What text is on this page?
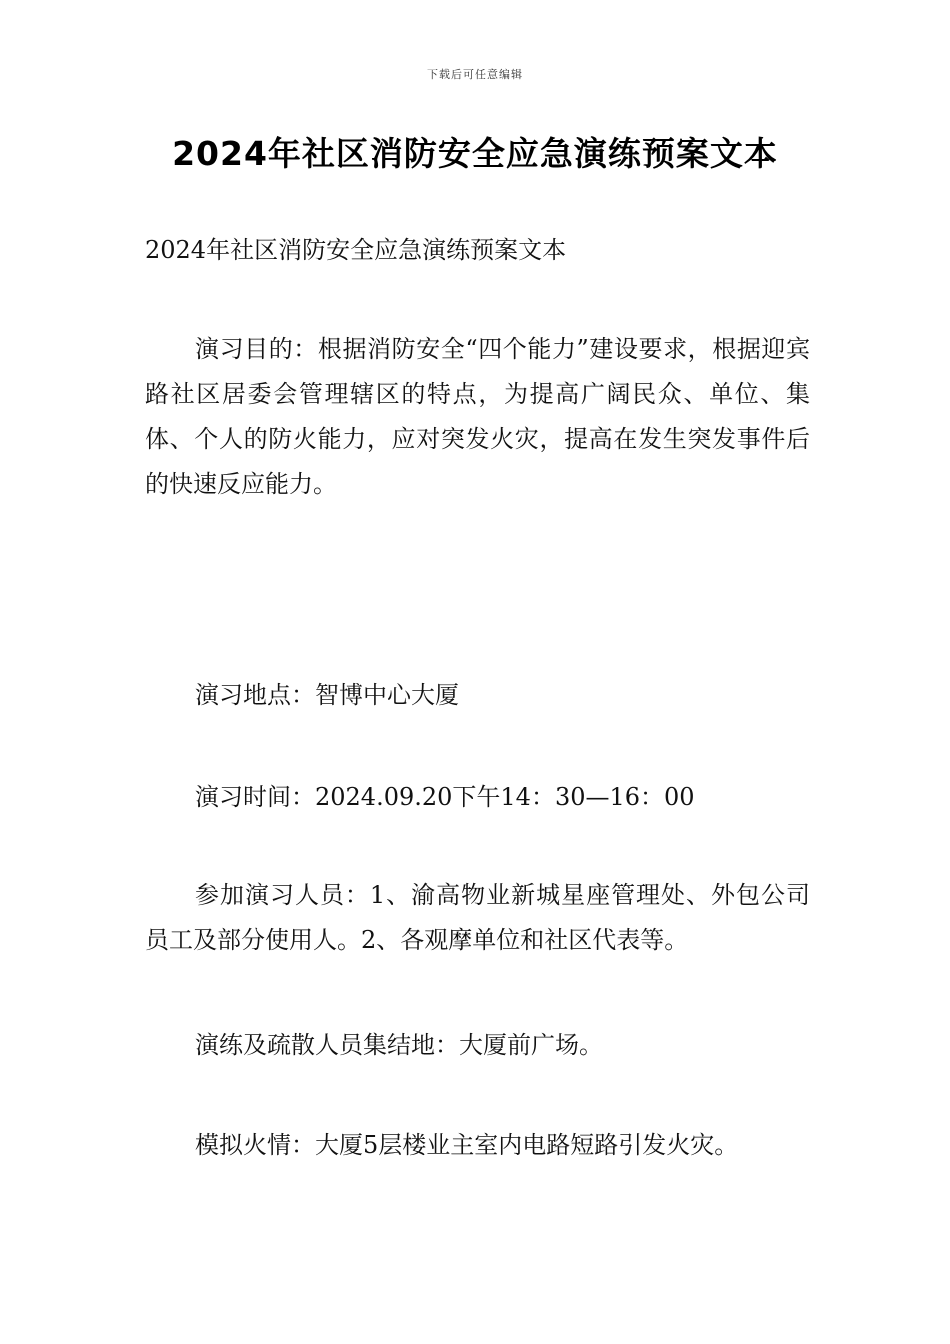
下载后可任意编辑
2024年社区消防安全应急演练预案文本

2024年社区消防安全应急演练预案文本

演习目的：根据消防安全“四个能力”建设要求，根据迎宾路社区居委会管理辖区的特点，为提高广阔民众、单位、集体、个人的防火能力，应对突发火灾，提高在发生突发事件后的快速反应能力。

演习地点：智博中心大厦

演习时间：2024.09.20下午14：30—16：00

参加演习人员：1、渝高物业新城星座管理处、外包公司员工及部分使用人。2、各观摩单位和社区代表等。

演练及疏散人员集结地：大厦前广场。

模拟火情：大厦5层楼业主室内电路短路引发火灾。
